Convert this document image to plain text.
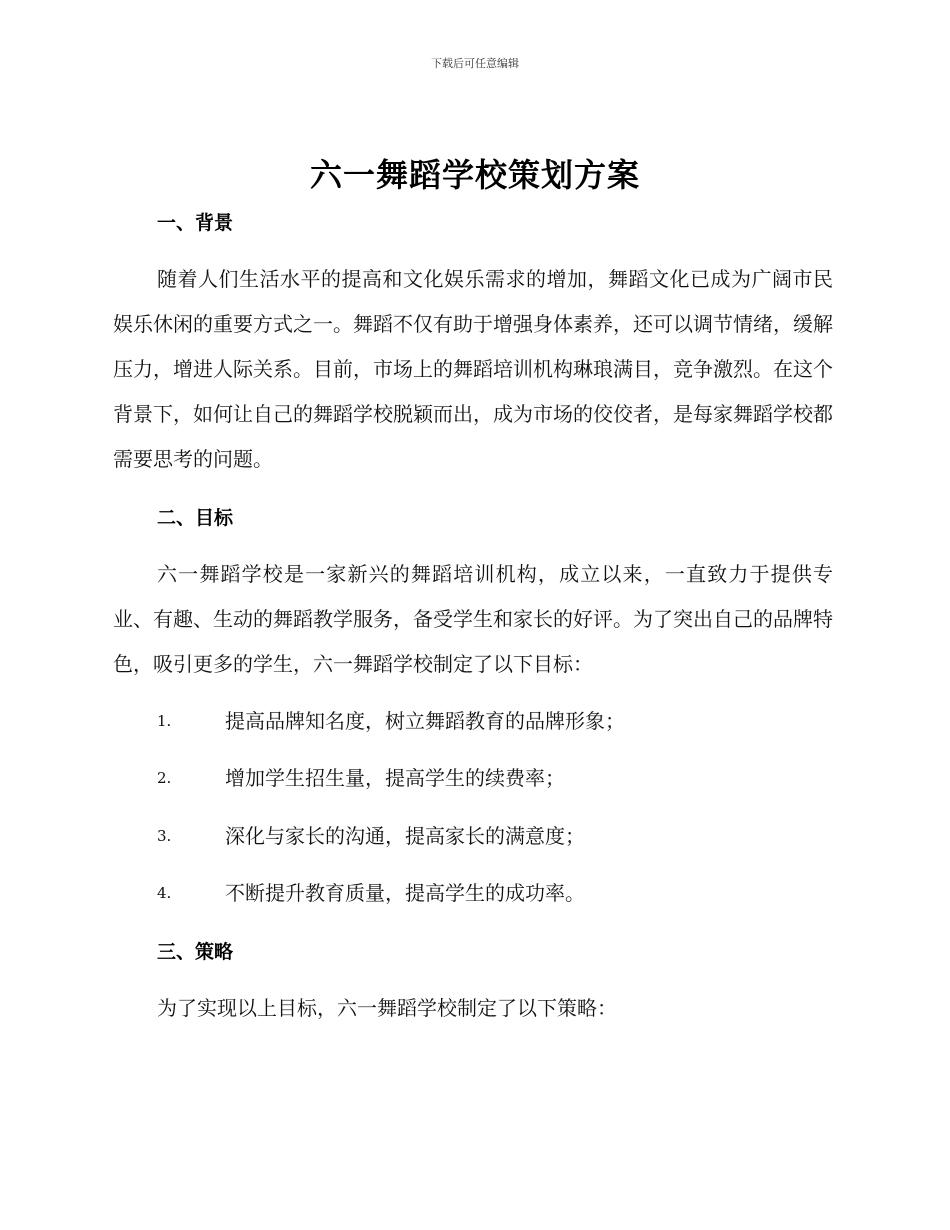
下载后可任意编辑
六一舞蹈学校策划方案
一、背景
随着人们生活水平的提高和文化娱乐需求的增加，舞蹈文化已成为广阔市民娱乐休闲的重要方式之一。舞蹈不仅有助于增强身体素养，还可以调节情绪，缓解压力，增进人际关系。目前，市场上的舞蹈培训机构琳琅满目，竞争激烈。在这个背景下，如何让自己的舞蹈学校脱颖而出，成为市场的佼佼者，是每家舞蹈学校都需要思考的问题。
二、目标
六一舞蹈学校是一家新兴的舞蹈培训机构，成立以来，一直致力于提供专业、有趣、生动的舞蹈教学服务，备受学生和家长的好评。为了突出自己的品牌特色，吸引更多的学生，六一舞蹈学校制定了以下目标：
1.	提高品牌知名度，树立舞蹈教育的品牌形象；
2.	增加学生招生量，提高学生的续费率；
3.	深化与家长的沟通，提高家长的满意度；
4.	不断提升教育质量，提高学生的成功率。
三、策略
为了实现以上目标，六一舞蹈学校制定了以下策略：
